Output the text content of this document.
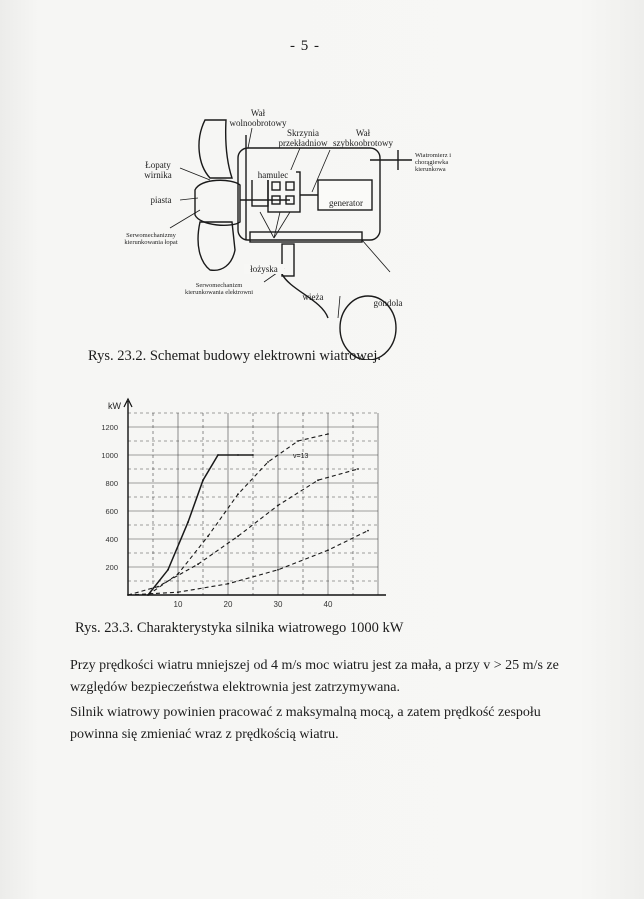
- 5 -
Wał wolnoobrotowy
Skrzynia przekładniow
Wał szybkoobrotowy
Wiatromierz i chorągiewka kierunkowa
Łopaty wirnika
piasta
hamulec
generator
Serwomechanizmy kierunkowania łopat
łożyska
Serwomechanizm kierunkowania elektrowni	wieża
gondola
Rys. 23.2. Schemat budowy elektrowni wiatrowej.
kW
200
400
600
800
1000
1200
10	20	30	40
v=13
Rys. 23.3. Charakterystyka silnika wiatrowego 1000 kW
Przy prędkości wiatru mniejszej od 4 m/s moc wiatru jest za mała, a przy v > 25 m/s ze względów bezpieczeństwa elektrownia jest zatrzymywana.
Silnik wiatrowy powinien pracować z maksymalną mocą, a zatem prędkość zespołu powinna się zmieniać wraz z prędkością wiatru.
